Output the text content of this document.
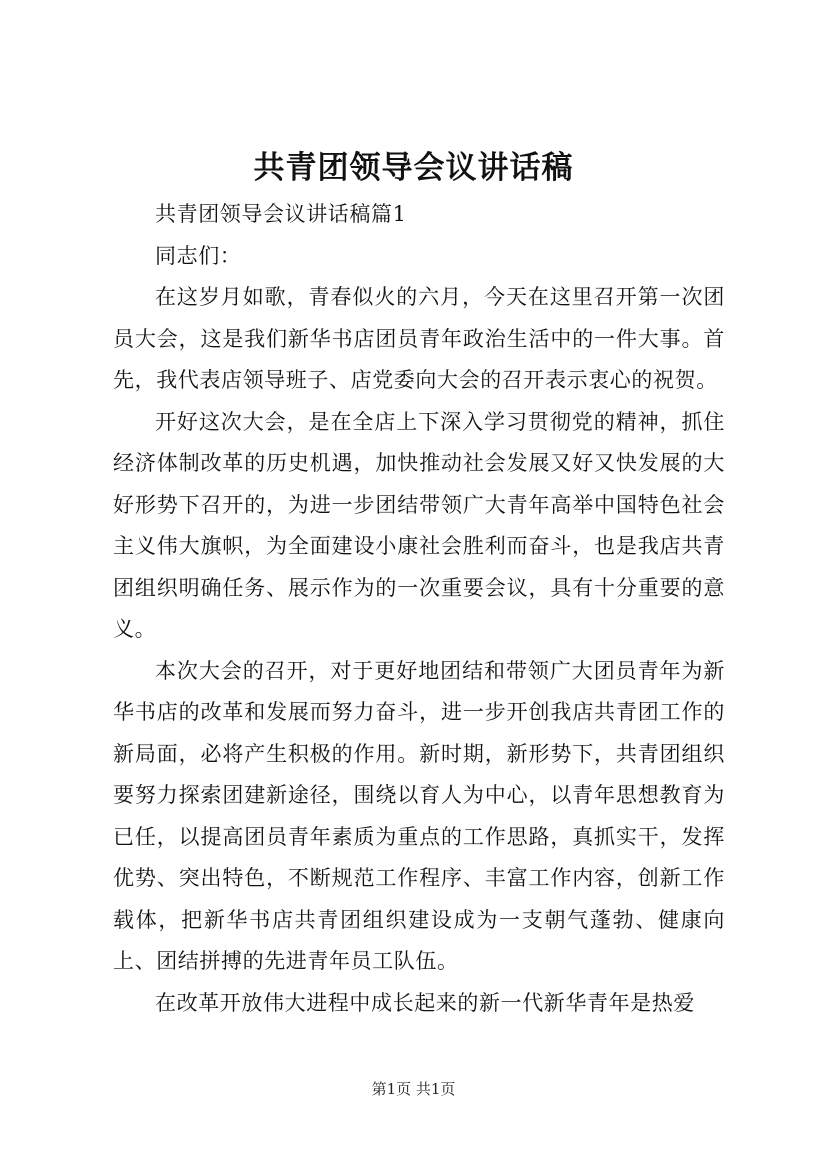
共青团领导会议讲话稿

共青团领导会议讲话稿篇1

同志们：

在这岁月如歌，青春似火的六月，今天在这里召开第一次团员大会，这是我们新华书店团员青年政治生活中的一件大事。首先，我代表店领导班子、店党委向大会的召开表示衷心的祝贺。

开好这次大会，是在全店上下深入学习贯彻党的精神，抓住经济体制改革的历史机遇，加快推动社会发展又好又快发展的大好形势下召开的，为进一步团结带领广大青年高举中国特色社会主义伟大旗帜，为全面建设小康社会胜利而奋斗，也是我店共青团组织明确任务、展示作为的一次重要会议，具有十分重要的意义。

本次大会的召开，对于更好地团结和带领广大团员青年为新华书店的改革和发展而努力奋斗，进一步开创我店共青团工作的新局面，必将产生积极的作用。新时期，新形势下，共青团组织要努力探索团建新途径，围绕以育人为中心，以青年思想教育为已任，以提高团员青年素质为重点的工作思路，真抓实干，发挥优势、突出特色，不断规范工作程序、丰富工作内容，创新工作载体，把新华书店共青团组织建设成为一支朝气蓬勃、健康向上、团结拼搏的先进青年员工队伍。

在改革开放伟大进程中成长起来的新一代新华青年是热爱

第1页 共1页
